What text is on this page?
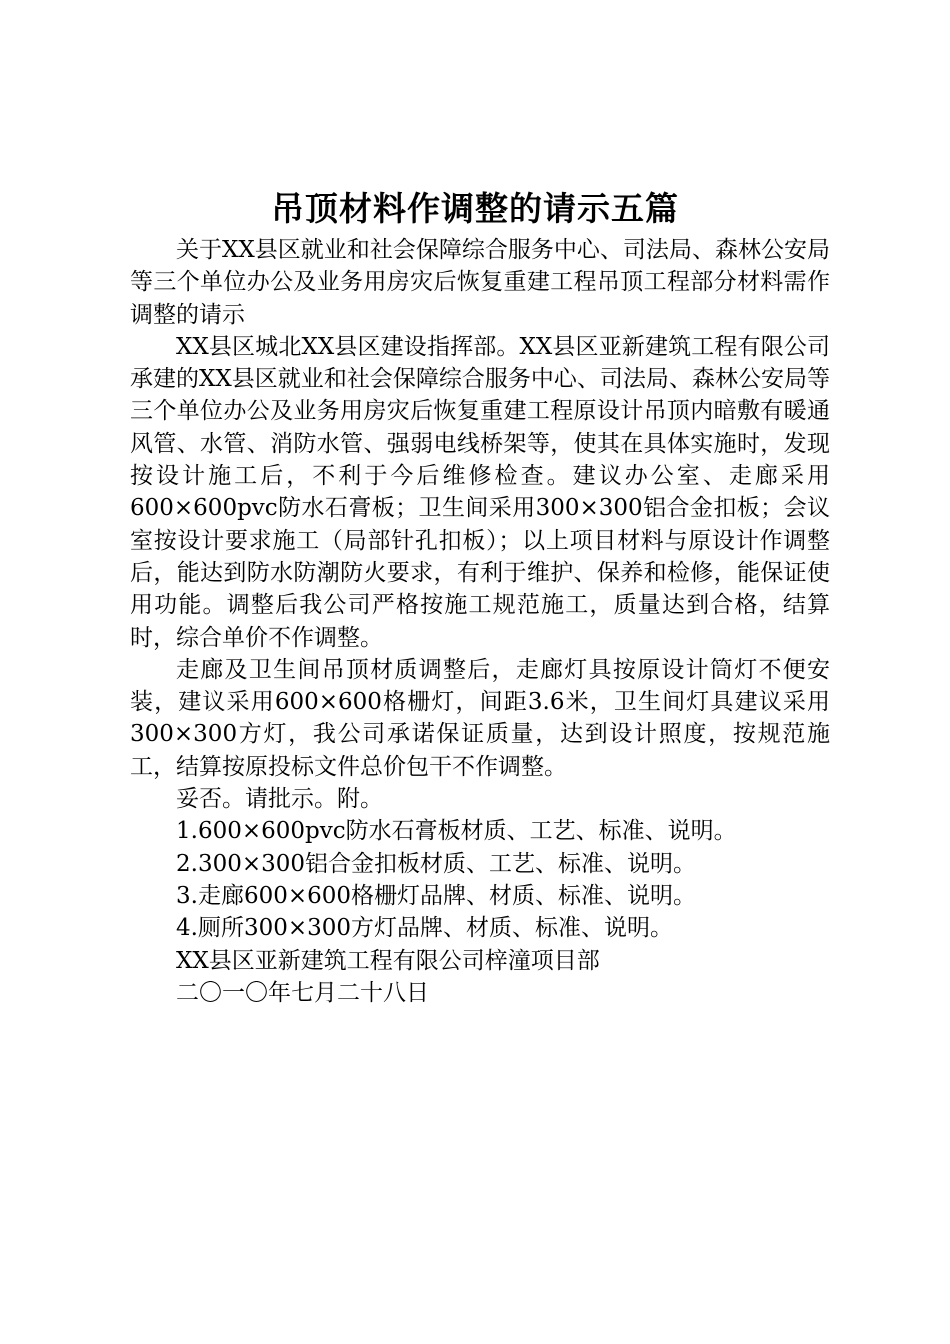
吊顶材料作调整的请示五篇

关于XX县区就业和社会保障综合服务中心、司法局、森林公安局等三个单位办公及业务用房灾后恢复重建工程吊顶工程部分材料需作调整的请示

XX县区城北XX县区建设指挥部。XX县区亚新建筑工程有限公司承建的XX县区就业和社会保障综合服务中心、司法局、森林公安局等三个单位办公及业务用房灾后恢复重建工程原设计吊顶内暗敷有暖通风管、水管、消防水管、强弱电线桥架等，使其在具体实施时，发现按设计施工后，不利于今后维修检查。建议办公室、走廊采用600×600pvc防水石膏板；卫生间采用300×300铝合金扣板；会议室按设计要求施工（局部针孔扣板）；以上项目材料与原设计作调整后，能达到防水防潮防火要求，有利于维护、保养和检修，能保证使用功能。调整后我公司严格按施工规范施工，质量达到合格，结算时，综合单价不作调整。

走廊及卫生间吊顶材质调整后，走廊灯具按原设计筒灯不便安装，建议采用600×600格栅灯，间距3.6米，卫生间灯具建议采用300×300方灯，我公司承诺保证质量，达到设计照度，按规范施工，结算按原投标文件总价包干不作调整。

妥否。请批示。附。

1.600×600pvc防水石膏板材质、工艺、标准、说明。

2.300×300铝合金扣板材质、工艺、标准、说明。

3.走廊600×600格栅灯品牌、材质、标准、说明。

4.厕所300×300方灯品牌、材质、标准、说明。

XX县区亚新建筑工程有限公司梓潼项目部

二〇一〇年七月二十八日
